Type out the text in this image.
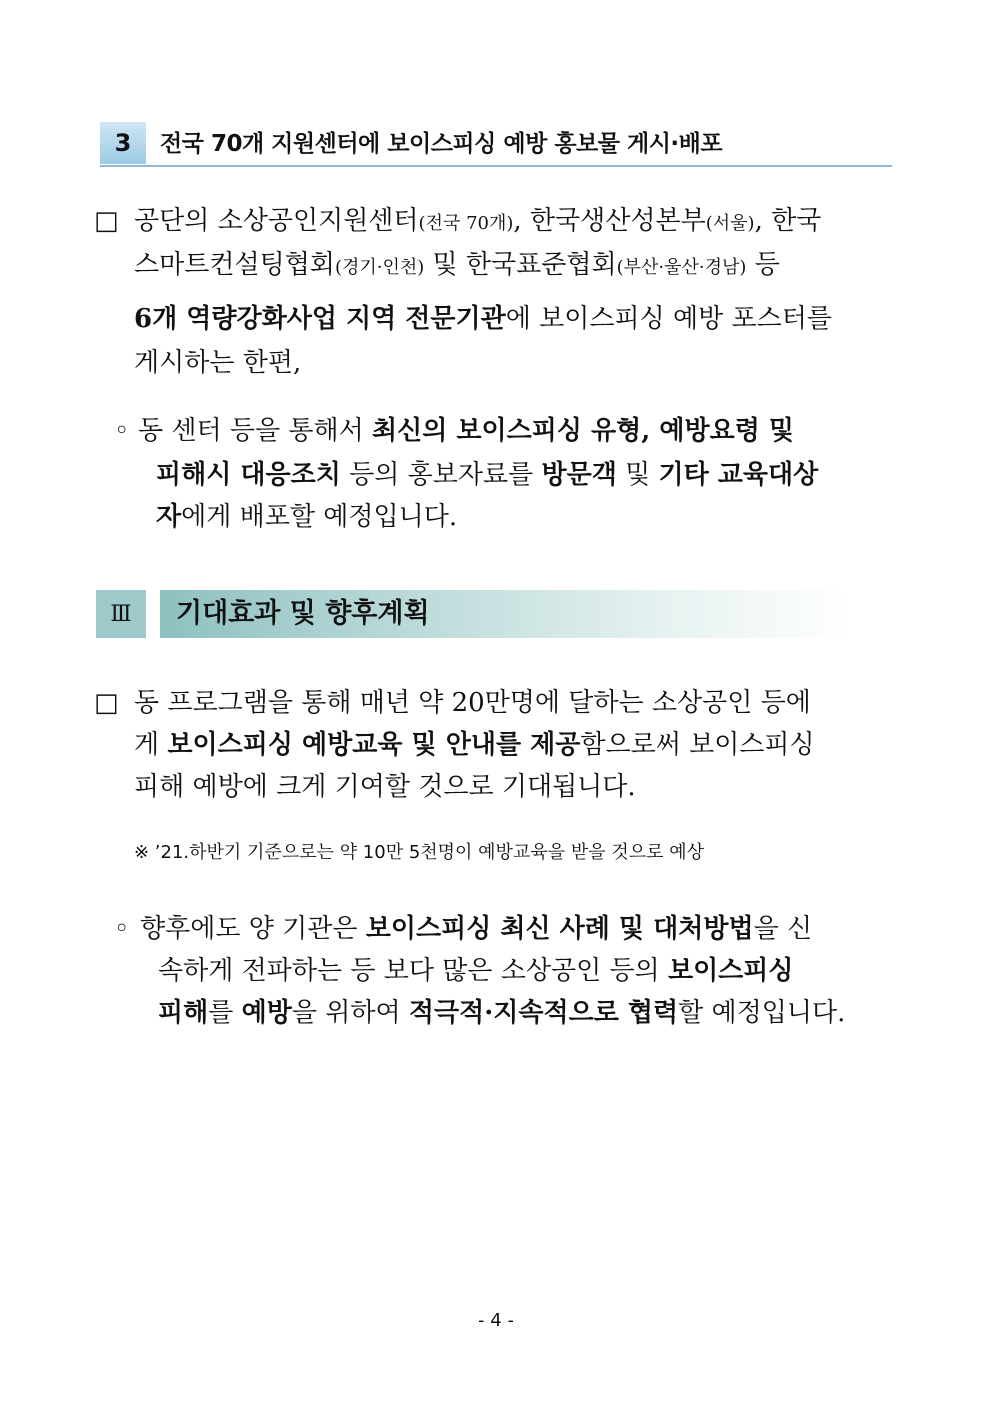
3	전국 70개 지원센터에 보이스피싱 예방 홍보물 게시·배포
□ 공단의 소상공인지원센터(전국 70개), 한국생산성본부(서울), 한국
스마트컨설팅협회(경기·인천) 및 한국표준협회(부산·울산·경남) 등
6개 역량강화사업 지역 전문기관에 보이스피싱 예방 포스터를
게시하는 한편,
◦ 동 센터 등을 통해서 최신의 보이스피싱 유형, 예방요령 및
피해시 대응조치 등의 홍보자료를 방문객 및 기타 교육대상
자에게 배포할 예정입니다.
Ⅲ	기대효과 및 향후계획
□ 동 프로그램을 통해 매년 약 20만명에 달하는 소상공인 등에
게 보이스피싱 예방교육 및 안내를 제공함으로써 보이스피싱
피해 예방에 크게 기여할 것으로 기대됩니다.
※ ’21.하반기 기준으로는 약 10만 5천명이 예방교육을 받을 것으로 예상
◦ 향후에도 양 기관은 보이스피싱 최신 사례 및 대처방법을 신
속하게 전파하는 등 보다 많은 소상공인 등의 보이스피싱
피해를 예방을 위하여 적극적·지속적으로 협력할 예정입니다.
- 4 -
